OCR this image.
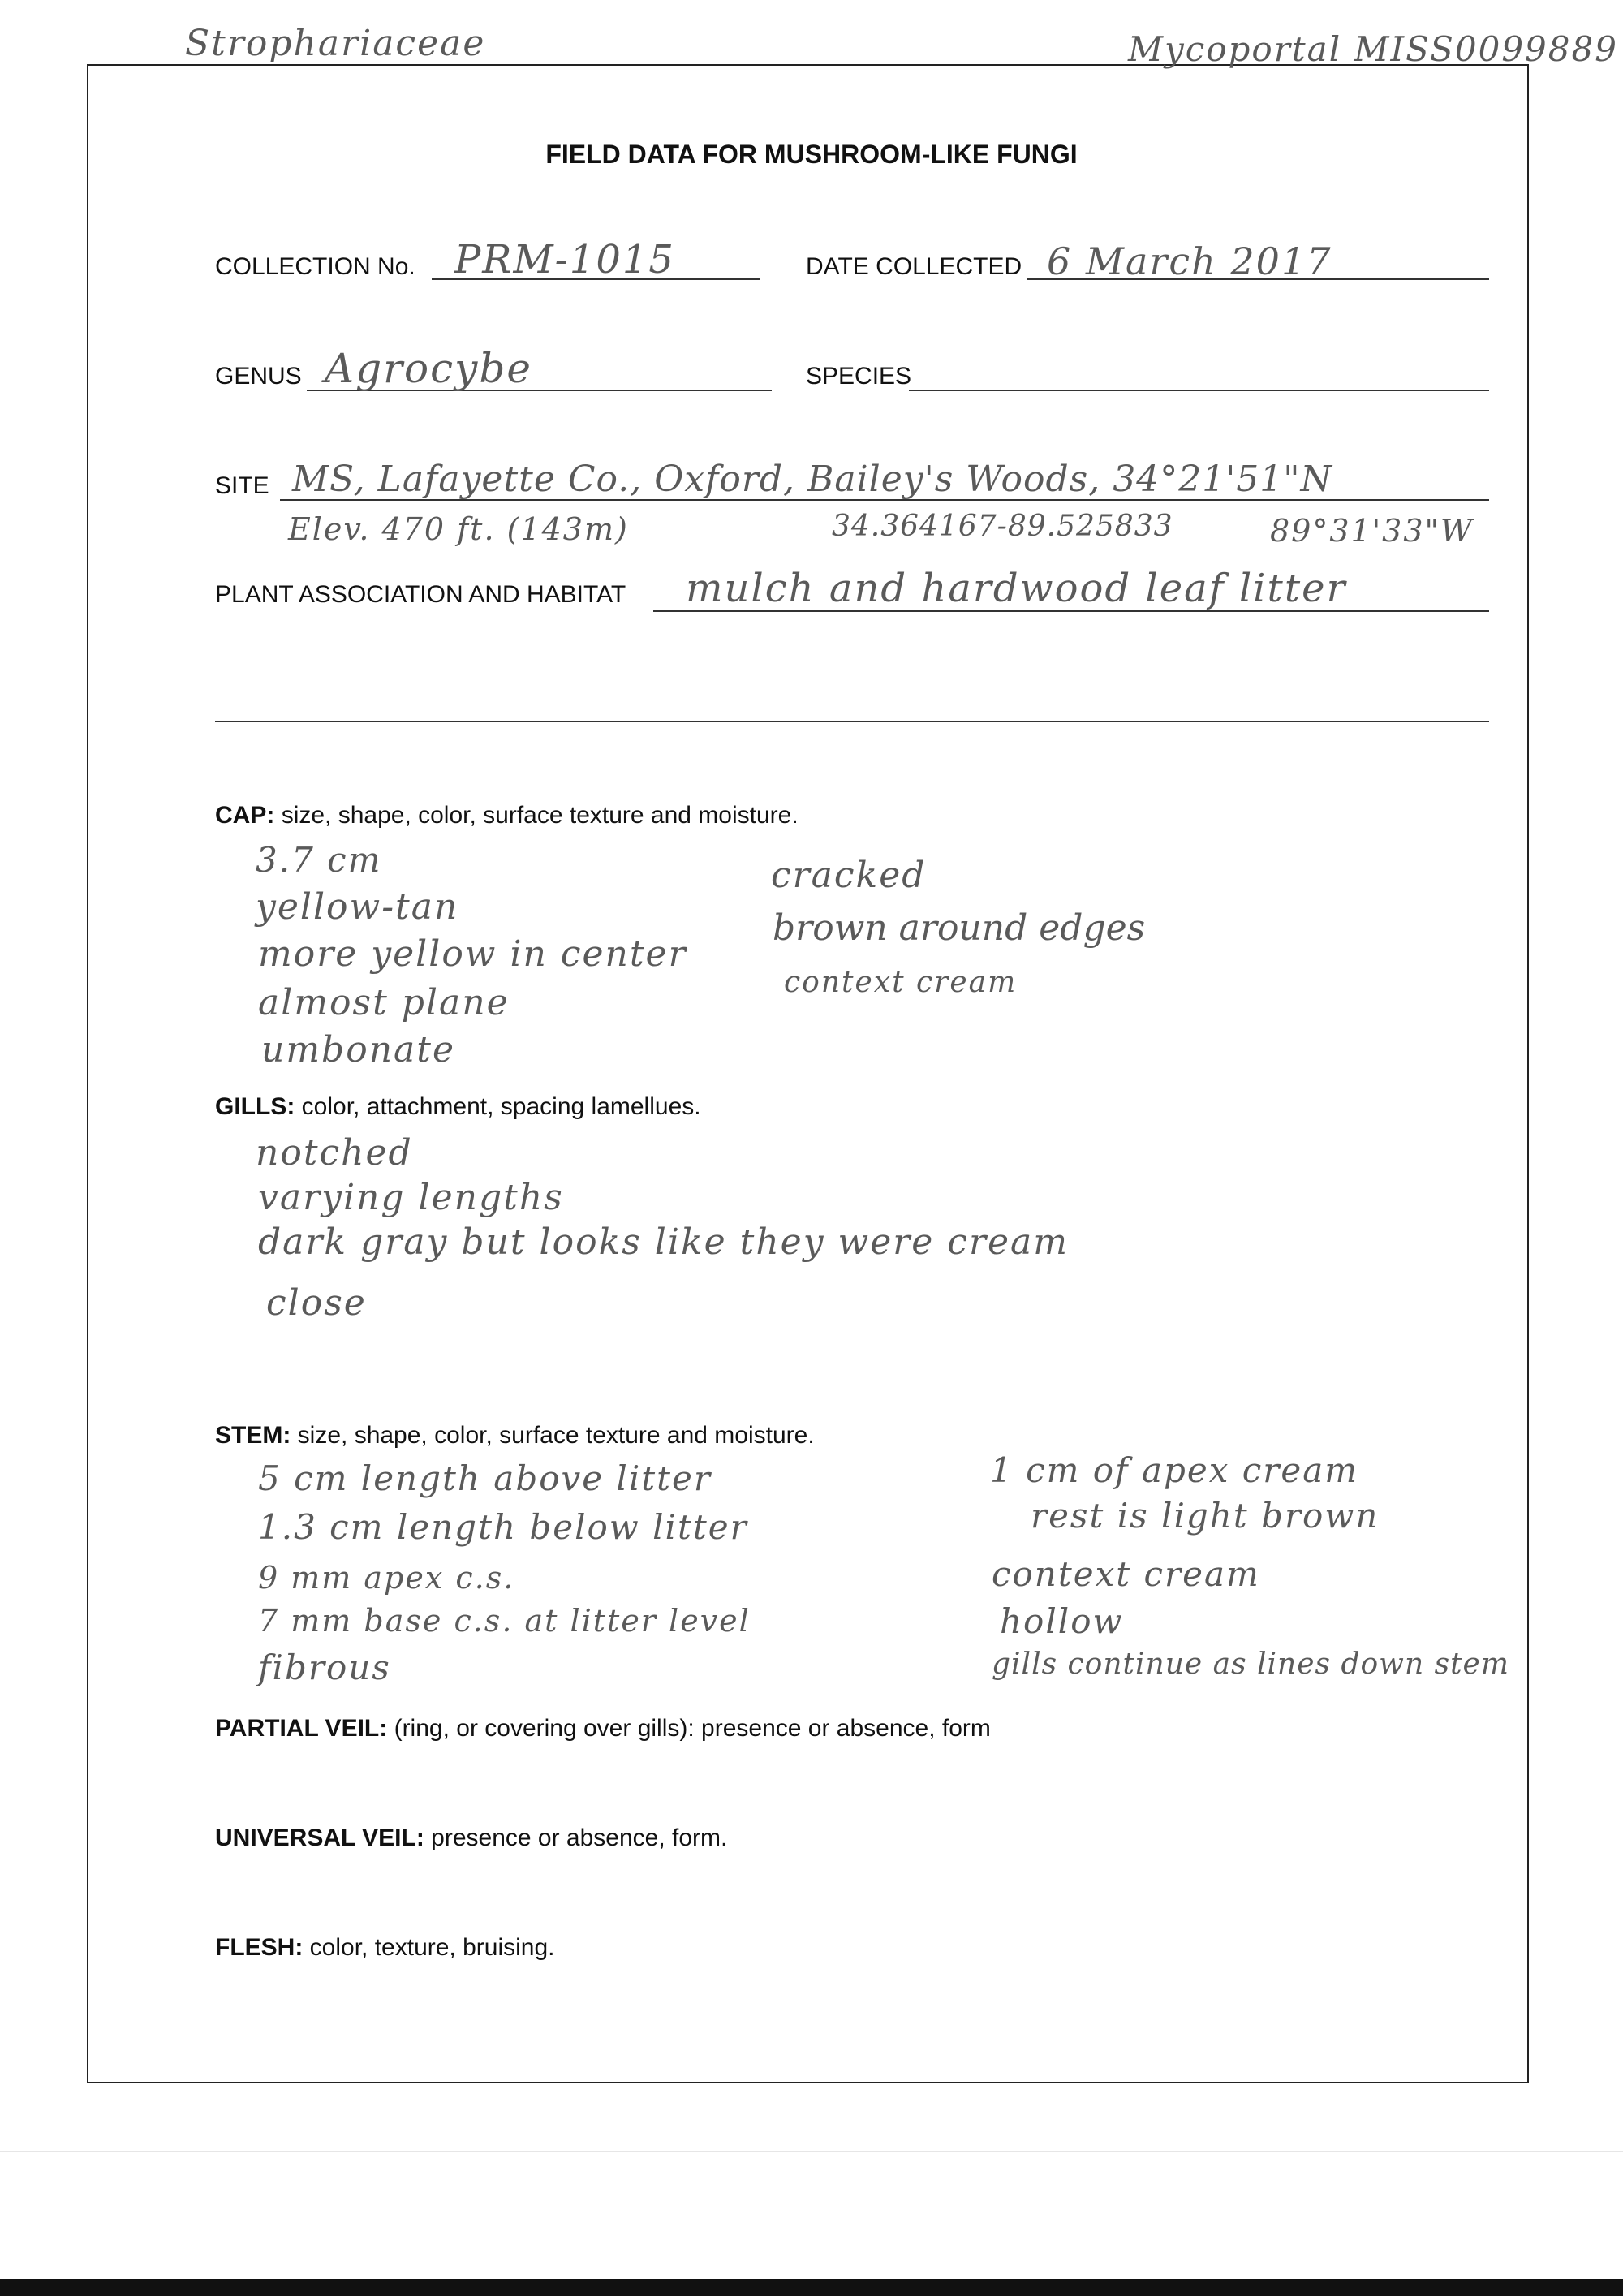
Strophariaceae	Mycoportal MISS0099889
FIELD DATA FOR MUSHROOM-LIKE FUNGI
COLLECTION No. PRM-1015	DATE COLLECTED 6 March 2017
GENUS Agrocybe	SPECIES
SITE MS, Lafayette Co., Oxford, Bailey's Woods, 34°21'51"N
Elev. 470 ft. (143m)	34.364167-89.525833	89°31'33"W
PLANT ASSOCIATION AND HABITAT mulch and hardwood leaf litter
CAP: size, shape, color, surface texture and moisture.
3.7 cm
yellow-tan
more yellow in center
almost plane
umbonate
cracked
brown around edges
context cream
GILLS: color, attachment, spacing lamellues.
notched
varying lengths
dark gray but looks like they were cream
close
STEM: size, shape, color, surface texture and moisture.
5 cm length above litter
1.3 cm length below litter
9 mm apex c.s.
7 mm base c.s. at litter level
fibrous
1 cm of apex cream
rest is light brown
context cream
hollow
gills continue as lines down stem
PARTIAL VEIL: (ring, or covering over gills): presence or absence, form
UNIVERSAL VEIL: presence or absence, form.
FLESH: color, texture, bruising.
